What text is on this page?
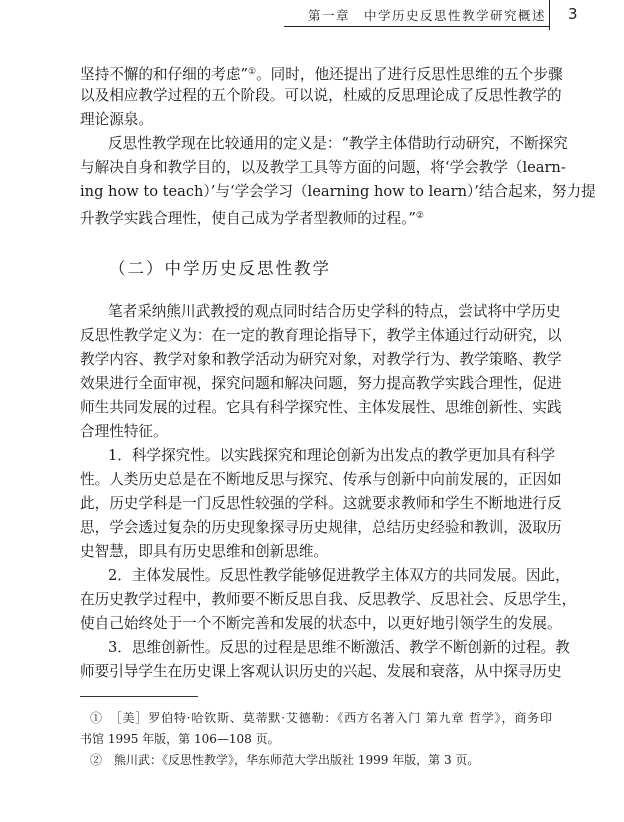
第一章　中学历史反思性教学研究概述 3
坚持不懈的和仔细的考虑”①。同时，他还提出了进行反思性思维的五个步骤
以及相应教学过程的五个阶段。可以说，杜威的反思理论成了反思性教学的
理论源泉。
反思性教学现在比较通用的定义是：“教学主体借助行动研究，不断探究
与解决自身和教学目的，以及教学工具等方面的问题，将‘学会教学（learn-
ing how to teach）’与‘学会学习（learning how to learn）’结合起来，努力提
升教学实践合理性，使自己成为学者型教师的过程。”②
（二）中学历史反思性教学
笔者采纳熊川武教授的观点同时结合历史学科的特点，尝试将中学历史
反思性教学定义为：在一定的教育理论指导下，教学主体通过行动研究，以
教学内容、教学对象和教学活动为研究对象，对教学行为、教学策略、教学
效果进行全面审视，探究问题和解决问题，努力提高教学实践合理性，促进
师生共同发展的过程。它具有科学探究性、主体发展性、思维创新性、实践
合理性特征。
1．科学探究性。以实践探究和理论创新为出发点的教学更加具有科学
性。人类历史总是在不断地反思与探究、传承与创新中向前发展的，正因如
此，历史学科是一门反思性较强的学科。这就要求教师和学生不断地进行反
思，学会透过复杂的历史现象探寻历史规律，总结历史经验和教训，汲取历
史智慧，即具有历史思维和创新思维。
2．主体发展性。反思性教学能够促进教学主体双方的共同发展。因此，
在历史教学过程中，教师要不断反思自我、反思教学、反思社会、反思学生，
使自己始终处于一个不断完善和发展的状态中，以更好地引领学生的发展。
3．思维创新性。反思的过程是思维不断激活、教学不断创新的过程。教
师要引导学生在历史课上客观认识历史的兴起、发展和衰落，从中探寻历史
①　［美］罗伯特·哈钦斯、莫蒂默·艾德勒：《西方名著入门 第九章 哲学》，商务印
书馆 1995 年版，第 106—108 页。
②　熊川武：《反思性教学》，华东师范大学出版社 1999 年版，第 3 页。
